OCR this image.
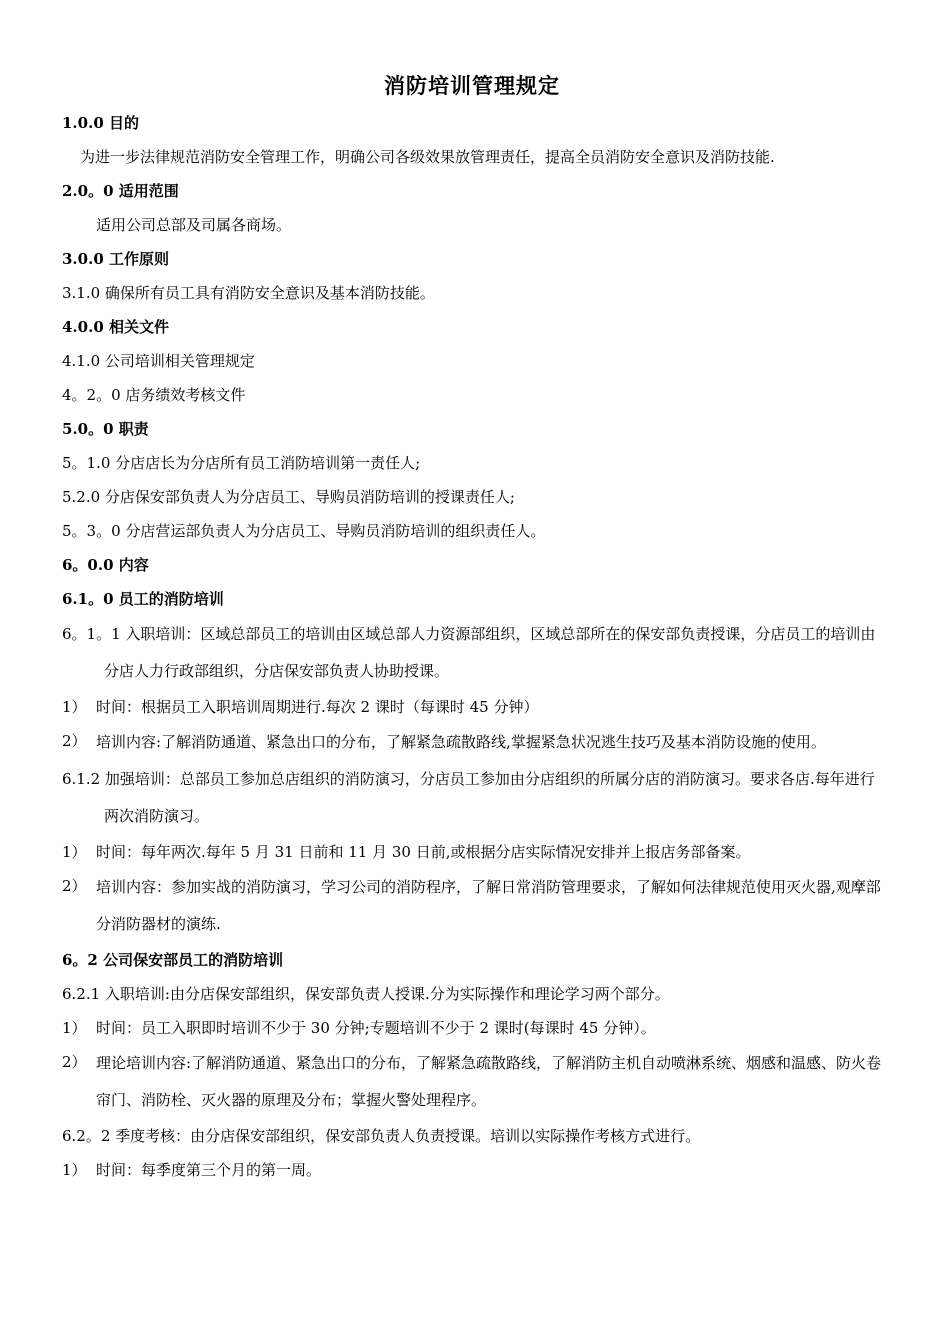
消防培训管理规定
1.0.0 目的
为进一步法律规范消防安全管理工作，明确公司各级效果放管理责任，提高全员消防安全意识及消防技能.
2.0。0 适用范围
适用公司总部及司属各商场。
3.0.0 工作原则
3.1.0 确保所有员工具有消防安全意识及基本消防技能。
4.0.0 相关文件
4.1.0 公司培训相关管理规定
4。2。0 店务绩效考核文件
5.0。0 职责
5。1.0 分店店长为分店所有员工消防培训第一责任人;
5.2.0 分店保安部负责人为分店员工、导购员消防培训的授课责任人;
5。3。0 分店营运部负责人为分店员工、导购员消防培训的组织责任人。
6。0.0 内容
6.1。0 员工的消防培训
6。1。1 入职培训：区域总部员工的培训由区域总部人力资源部组织，区域总部所在的保安部负责授课，分店员工的培训由分店人力行政部组织，分店保安部负责人协助授课。
1） 时间：根据员工入职培训周期进行.每次 2 课时（每课时 45 分钟）
2） 培训内容:了解消防通道、紧急出口的分布，了解紧急疏散路线,掌握紧急状况逃生技巧及基本消防设施的使用。
6.1.2 加强培训：总部员工参加总店组织的消防演习，分店员工参加由分店组织的所属分店的消防演习。要求各店.每年进行两次消防演习。
1） 时间：每年两次.每年 5 月 31 日前和 11 月 30 日前,或根据分店实际情况安排并上报店务部备案。
2） 培训内容：参加实战的消防演习，学习公司的消防程序，了解日常消防管理要求，了解如何法律规范使用灭火器,观摩部分消防器材的演练.
6。2 公司保安部员工的消防培训
6.2.1 入职培训:由分店保安部组织，保安部负责人授课.分为实际操作和理论学习两个部分。
1） 时间：员工入职即时培训不少于 30 分钟;专题培训不少于 2 课时(每课时 45 分钟）。
2） 理论培训内容:了解消防通道、紧急出口的分布，了解紧急疏散路线，了解消防主机自动喷淋系统、烟感和温感、防火卷帘门、消防栓、灭火器的原理及分布；掌握火警处理程序。
6.2。2 季度考核：由分店保安部组织，保安部负责人负责授课。培训以实际操作考核方式进行。
1） 时间：每季度第三个月的第一周。
